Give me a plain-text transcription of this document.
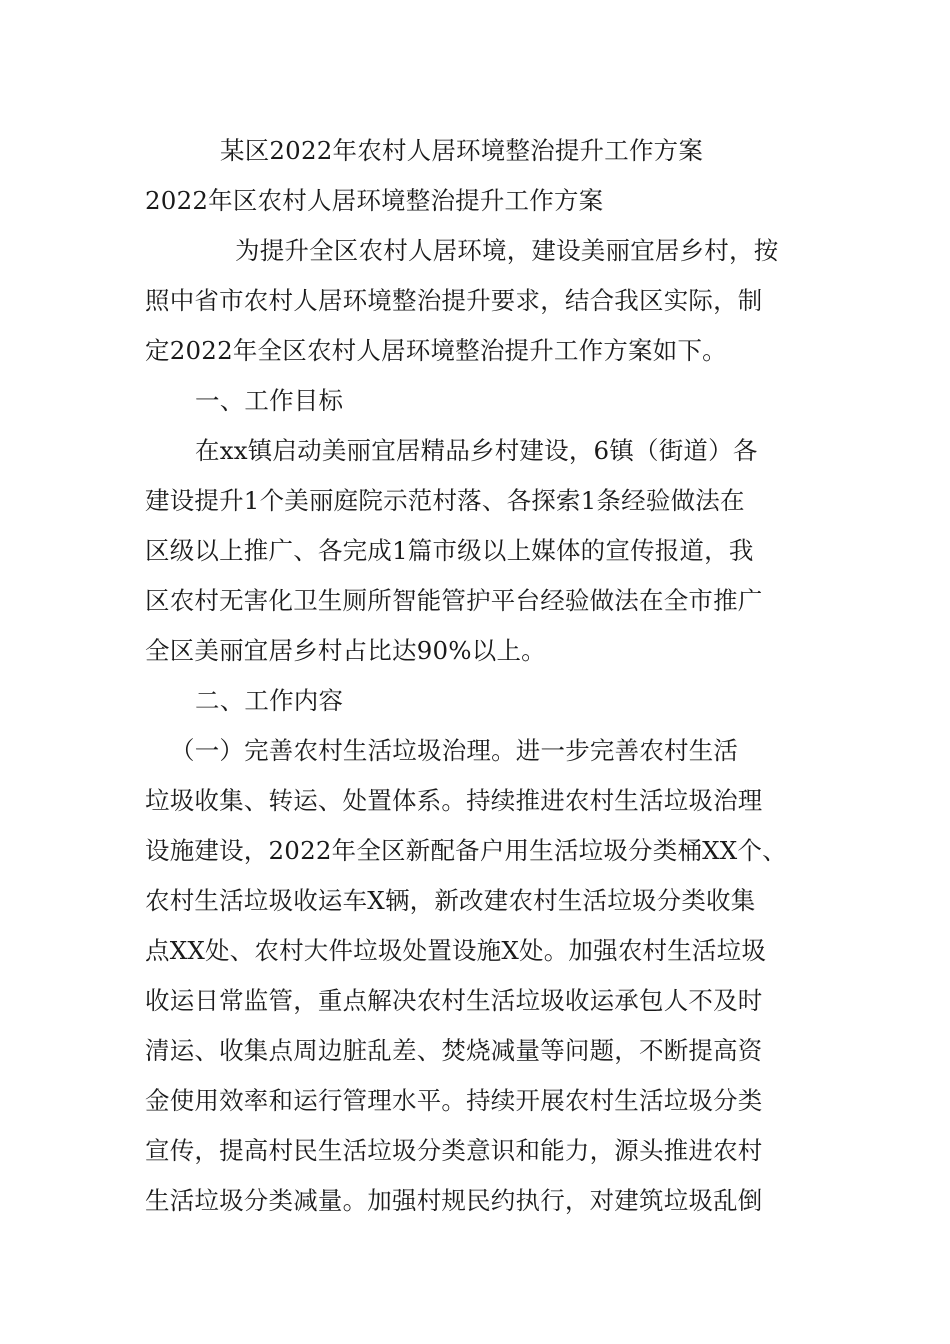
某区2022年农村人居环境整治提升工作方案
2022年区农村人居环境整治提升工作方案
为提升全区农村人居环境，建设美丽宜居乡村，按
照中省市农村人居环境整治提升要求，结合我区实际，制
定2022年全区农村人居环境整治提升工作方案如下。
一、工作目标
在xx镇启动美丽宜居精品乡村建设，6镇（街道）各
建设提升1个美丽庭院示范村落、各探索1条经验做法在
区级以上推广、各完成1篇市级以上媒体的宣传报道，我
区农村无害化卫生厕所智能管护平台经验做法在全市推广
全区美丽宜居乡村占比达90%以上。
二、工作内容
（一）完善农村生活垃圾治理。进一步完善农村生活
垃圾收集、转运、处置体系。持续推进农村生活垃圾治理
设施建设，2022年全区新配备户用生活垃圾分类桶XX个、
农村生活垃圾收运车X辆，新改建农村生活垃圾分类收集
点XX处、农村大件垃圾处置设施X处。加强农村生活垃圾
收运日常监管，重点解决农村生活垃圾收运承包人不及时
清运、收集点周边脏乱差、焚烧减量等问题，不断提高资
金使用效率和运行管理水平。持续开展农村生活垃圾分类
宣传，提高村民生活垃圾分类意识和能力，源头推进农村
生活垃圾分类减量。加强村规民约执行，对建筑垃圾乱倒
